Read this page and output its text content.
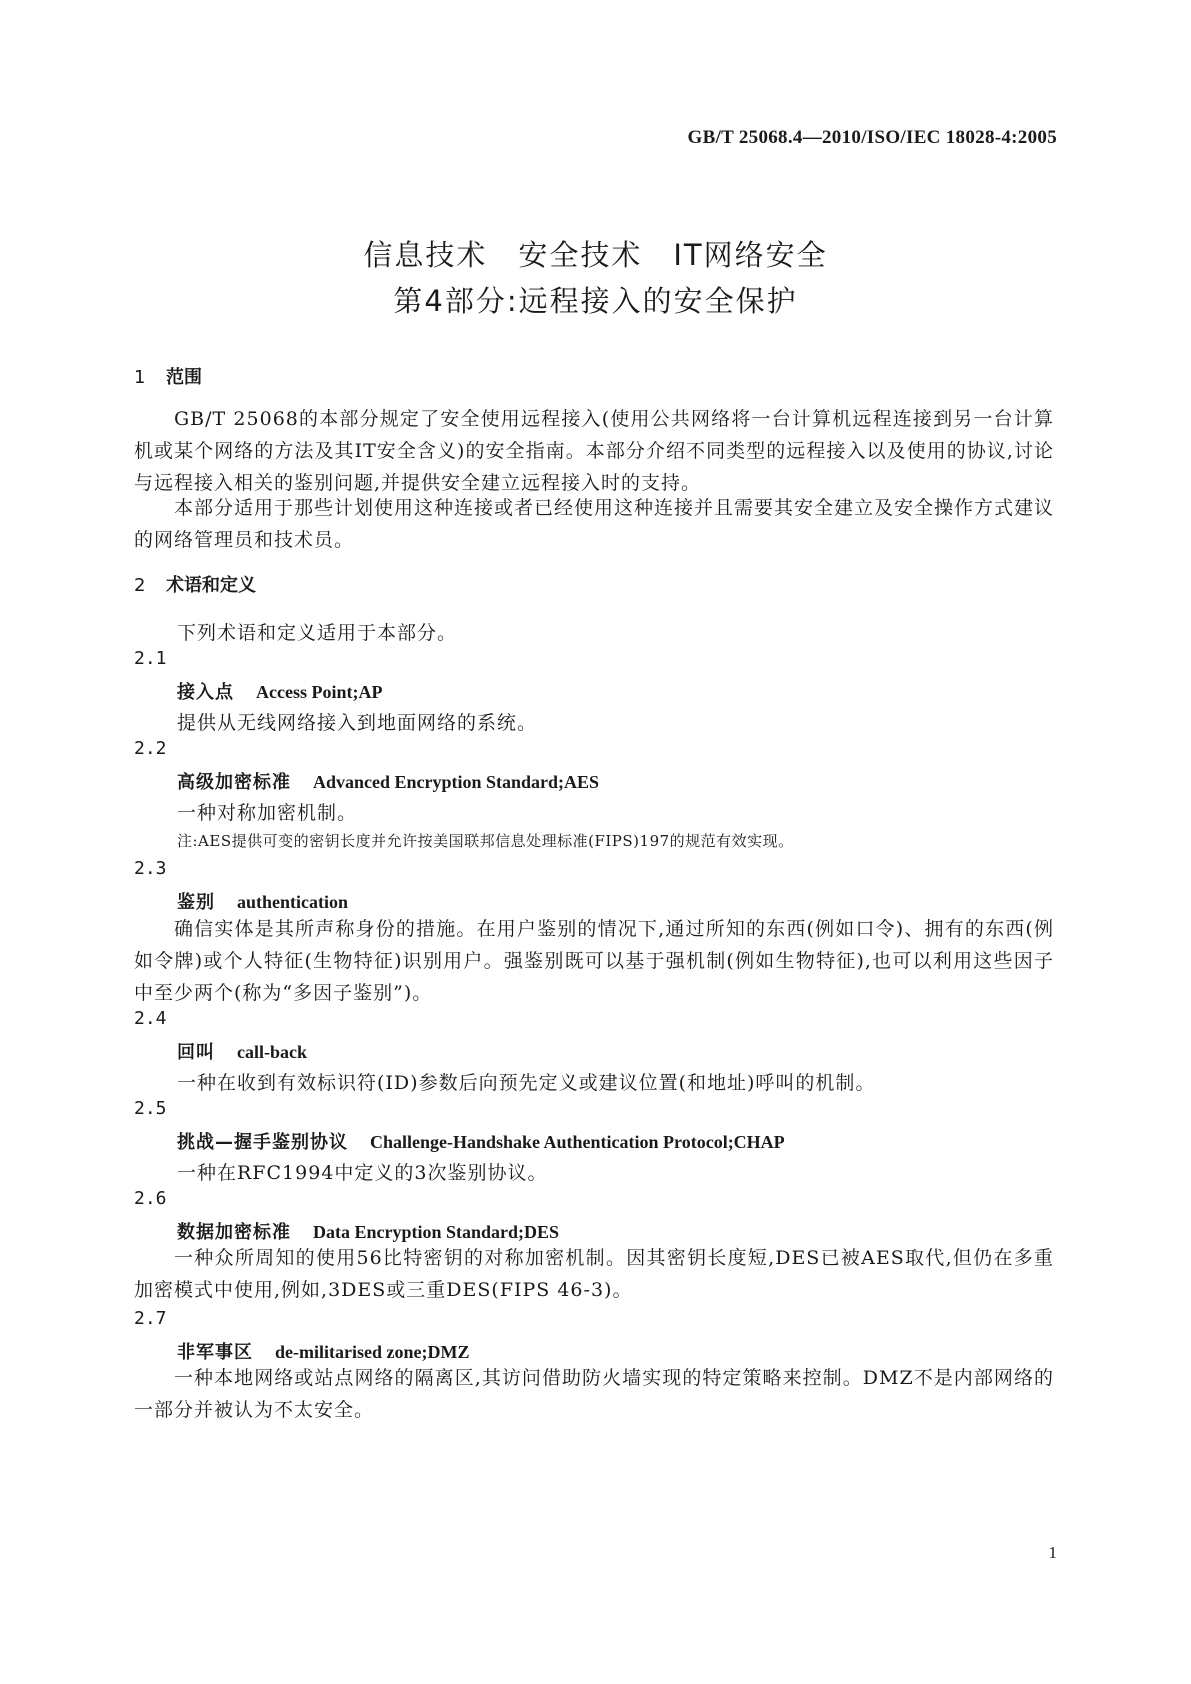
GB/T 25068.4—2010/ISO/IEC 18028-4:2005
信息技术　安全技术　IT网络安全
第4部分:远程接入的安全保护
1 范围
GB/T 25068的本部分规定了安全使用远程接入(使用公共网络将一台计算机远程连接到另一台计算机或某个网络的方法及其IT安全含义)的安全指南。本部分介绍不同类型的远程接入以及使用的协议,讨论与远程接入相关的鉴别问题,并提供安全建立远程接入时的支持。
本部分适用于那些计划使用这种连接或者已经使用这种连接并且需要其安全建立及安全操作方式建议的网络管理员和技术员。
2 术语和定义
下列术语和定义适用于本部分。
2.1
接入点 Access Point;AP
提供从无线网络接入到地面网络的系统。
2.2
高级加密标准 Advanced Encryption Standard;AES
一种对称加密机制。
注:AES提供可变的密钥长度并允许按美国联邦信息处理标准(FIPS)197的规范有效实现。
2.3
鉴别 authentication
确信实体是其所声称身份的措施。在用户鉴别的情况下,通过所知的东西(例如口令)、拥有的东西(例如令牌)或个人特征(生物特征)识别用户。强鉴别既可以基于强机制(例如生物特征),也可以利用这些因子中至少两个(称为“多因子鉴别”)。
2.4
回叫 call-back
一种在收到有效标识符(ID)参数后向预先定义或建议位置(和地址)呼叫的机制。
2.5
挑战—握手鉴别协议 Challenge-Handshake Authentication Protocol;CHAP
一种在RFC1994中定义的3次鉴别协议。
2.6
数据加密标准 Data Encryption Standard;DES
一种众所周知的使用56比特密钥的对称加密机制。因其密钥长度短,DES已被AES取代,但仍在多重加密模式中使用,例如,3DES或三重DES(FIPS 46-3)。
2.7
非军事区 de-militarised zone;DMZ
一种本地网络或站点网络的隔离区,其访问借助防火墙实现的特定策略来控制。DMZ不是内部网络的一部分并被认为不太安全。
1
